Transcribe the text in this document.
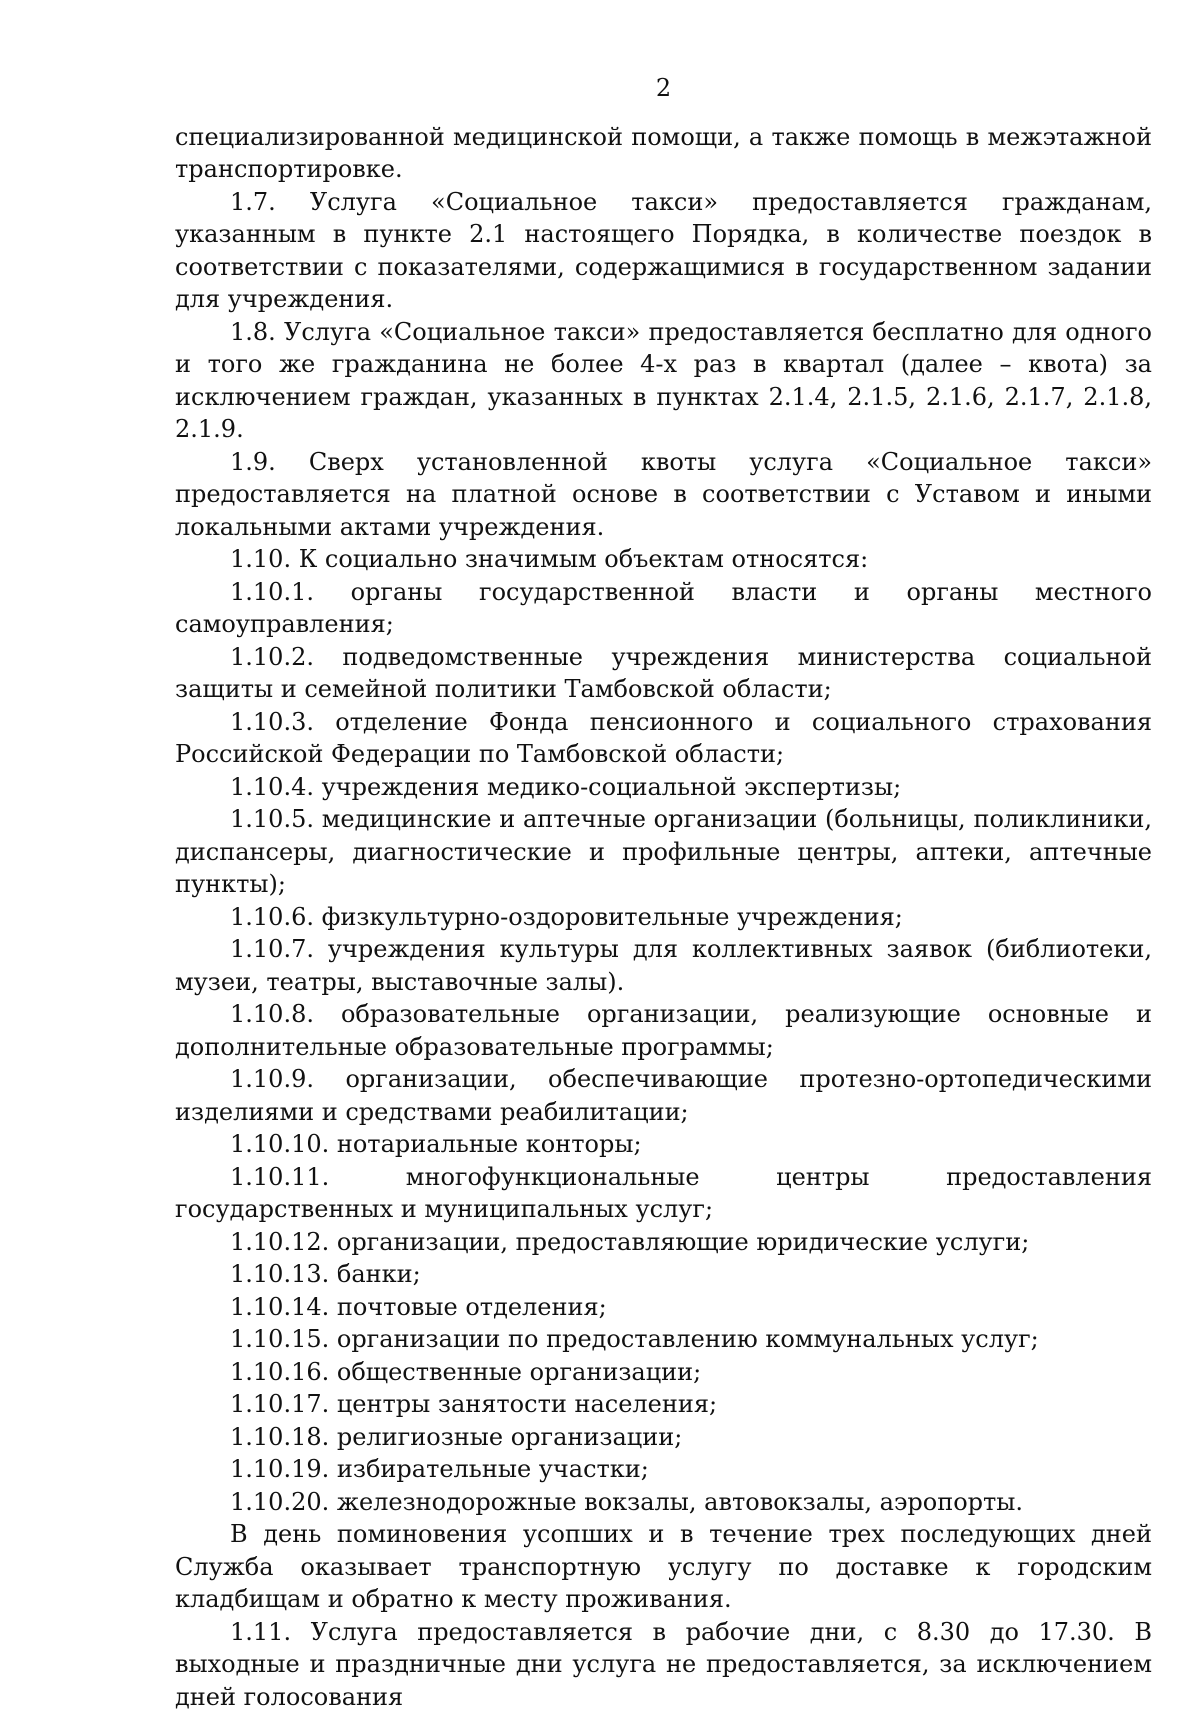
2

специализированной медицинской помощи, а также помощь в межэтажной транспортировке.

1.7. Услуга «Социальное такси» предоставляется гражданам, указанным в пункте 2.1 настоящего Порядка, в количестве поездок в соответствии с показателями, содержащимися в государственном задании для учреждения.

1.8. Услуга «Социальное такси» предоставляется бесплатно для одного и того же гражданина не более 4-х раз в квартал (далее – квота) за исключением граждан, указанных в пунктах 2.1.4, 2.1.5, 2.1.6, 2.1.7, 2.1.8, 2.1.9.

1.9. Сверх установленной квоты услуга «Социальное такси» предоставляется на платной основе в соответствии с Уставом и иными локальными актами учреждения.

1.10. К социально значимым объектам относятся:

1.10.1. органы государственной власти и органы местного самоуправления;

1.10.2. подведомственные учреждения министерства социальной защиты и семейной политики Тамбовской области;

1.10.3. отделение Фонда пенсионного и социального страхования Российской Федерации по Тамбовской области;

1.10.4. учреждения медико-социальной экспертизы;

1.10.5. медицинские и аптечные организации (больницы, поликлиники, диспансеры, диагностические и профильные центры, аптеки, аптечные пункты);

1.10.6. физкультурно-оздоровительные учреждения;

1.10.7. учреждения культуры для коллективных заявок (библиотеки, музеи, театры, выставочные залы).

1.10.8. образовательные организации, реализующие основные и дополнительные образовательные программы;

1.10.9. организации, обеспечивающие протезно-ортопедическими изделиями и средствами реабилитации;

1.10.10. нотариальные конторы;

1.10.11. многофункциональные центры предоставления государственных и муниципальных услуг;

1.10.12. организации, предоставляющие юридические услуги;

1.10.13. банки;

1.10.14. почтовые отделения;

1.10.15. организации по предоставлению коммунальных услуг;

1.10.16. общественные организации;

1.10.17. центры занятости населения;

1.10.18. религиозные организации;

1.10.19. избирательные участки;

1.10.20. железнодорожные вокзалы, автовокзалы, аэропорты.

В день поминовения усопших и в течение трех последующих дней Служба оказывает транспортную услугу по доставке к городским кладбищам и обратно к месту проживания.

1.11. Услуга предоставляется в рабочие дни, с 8.30 до 17.30. В выходные и праздничные дни услуга не предоставляется, за исключением дней голосования
